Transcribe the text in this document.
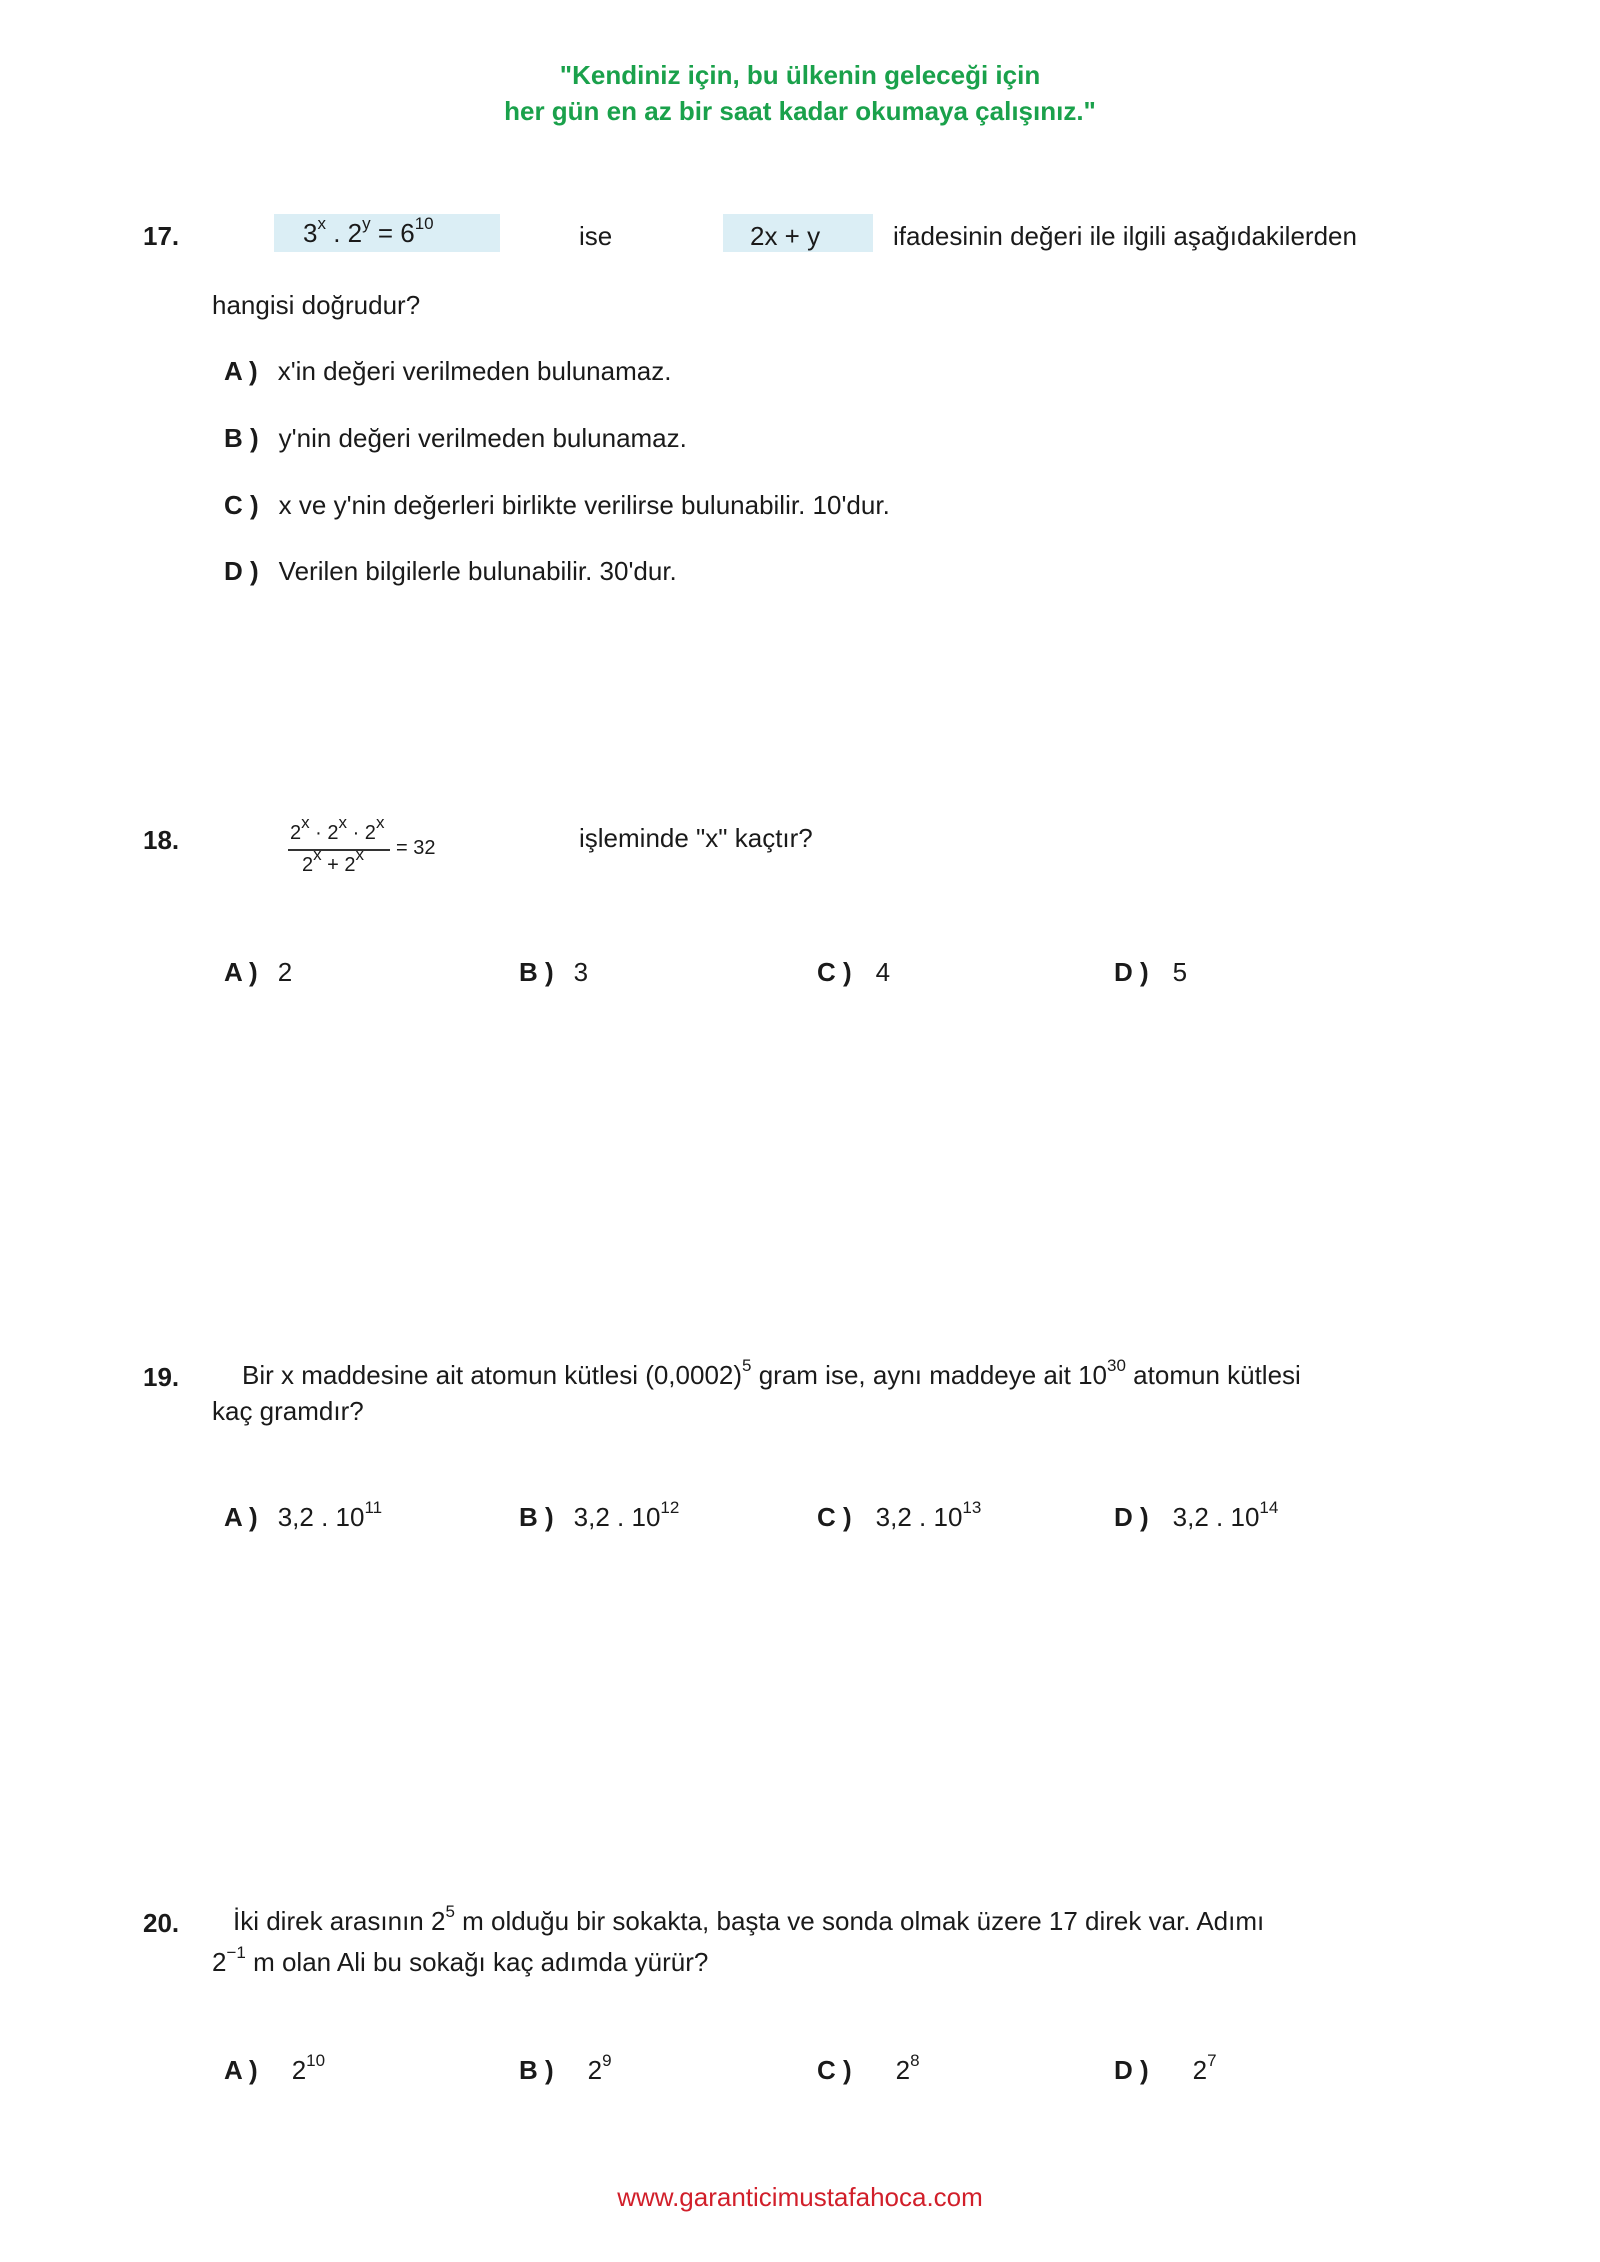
"Kendiniz için, bu ülkenin geleceği için
her gün en az bir saat kadar okumaya çalışınız."
17.	3$^x$ . $2^y = 6^{10}$	ise	2x + y	ifadesinin değeri ile ilgili aşağıdakilerden
hangisi doğrudur?
A ) x'in değeri verilmeden bulunamaz.
B ) y'nin değeri verilmeden bulunamaz.
C ) x ve y'nin değerleri birlikte verilirse bulunabilir. 10'dur.
D ) Verilen bilgilerle bulunabilir. 30'dur.
18.	$2^x \cdot 2^x \cdot 2^x$
$2^x + 2^x = 32$	işleminde "x" kaçtır?
A ) 2	B ) 3	C ) 4	D ) 5
19. Bir x maddesine ait atomun kütlesi $(0,0002)^5$ gram ise, aynı maddeye ait $10^{30}$ atomun kütlesi
kaç gramdır?
A ) 3,2 . $10^{11}$	B ) 3,2 . $10^{12}$	C ) 3,2 . $10^{13}$	D ) 3,2 . $10^{14}$
20. İki direk arasının $2^5$ m olduğu bir sokakta, başta ve sonda olmak üzere 17 direk var. Adımı
$2^{-1}$ m olan Ali bu sokağı kaç adımda yürür?
A ) $2^{10}$	B ) $2^9$	C ) $2^8$	D ) $2^7$
www.garanticimustafahoca.com
